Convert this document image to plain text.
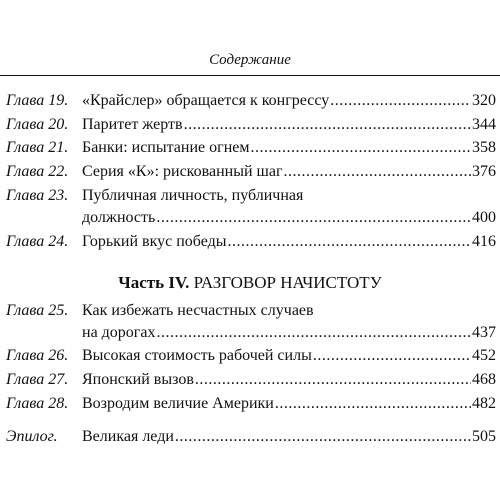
Содержание
Глава 19. «Крайслер» обращается к конгрессу .....	320
Глава 20. Паритет жертв .....	344
Глава 21. Банки: испытание огнем .....	358
Глава 22. Серия «К»: рискованный шаг .....	376
Глава 23. Публичная личность, публичная
должность .....	400
Глава 24. Горький вкус победы .....	416
Часть IV. РАЗГОВОР НАЧИСТОТУ
Глава 25. Как избежать несчастных случаев
на дорогах .....	437
Глава 26. Высокая стоимость рабочей силы .....	452
Глава 27. Японский вызов .....	468
Глава 28. Возродим величие Америки .....	482
Эпилог. Великая леди .....	505
